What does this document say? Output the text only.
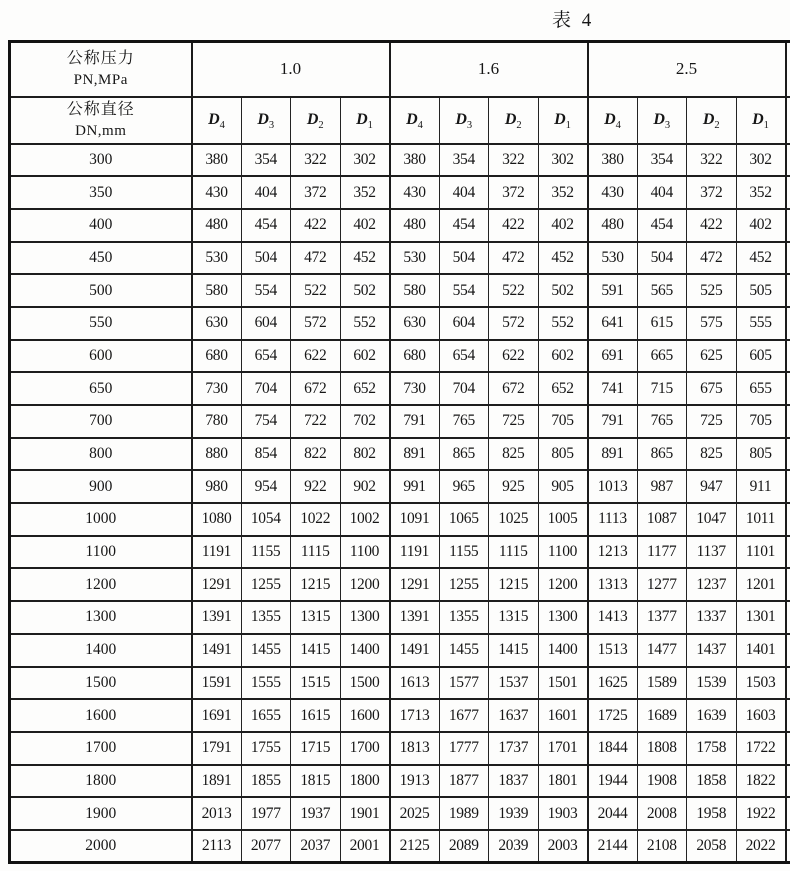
表 4
公称压力
PN,MPa	1.0				1.6				2.5				

公称直径
DN,mm	$D_4$	$D_3$	$D_2$	$D_1$	$D_4$	$D_3$	$D_2$	$D_1$	$D_4$	$D_3$	$D_2$	$D_1$	
300	380	354	322	302	380	354	322	302	380	354	322	302	
350	430	404	372	352	430	404	372	352	430	404	372	352	
400	480	454	422	402	480	454	422	402	480	454	422	402	
450	530	504	472	452	530	504	472	452	530	504	472	452	
500	580	554	522	502	580	554	522	502	591	565	525	505	
550	630	604	572	552	630	604	572	552	641	615	575	555	
600	680	654	622	602	680	654	622	602	691	665	625	605	
650	730	704	672	652	730	704	672	652	741	715	675	655	
700	780	754	722	702	791	765	725	705	791	765	725	705	
800	880	854	822	802	891	865	825	805	891	865	825	805	
900	980	954	922	902	991	965	925	905	1013	987	947	911	
1000	1080	1054	1022	1002	1091	1065	1025	1005	1113	1087	1047	1011	
1100	1191	1155	1115	1100	1191	1155	1115	1100	1213	1177	1137	1101	
1200	1291	1255	1215	1200	1291	1255	1215	1200	1313	1277	1237	1201	
1300	1391	1355	1315	1300	1391	1355	1315	1300	1413	1377	1337	1301	
1400	1491	1455	1415	1400	1491	1455	1415	1400	1513	1477	1437	1401	
1500	1591	1555	1515	1500	1613	1577	1537	1501	1625	1589	1539	1503	
1600	1691	1655	1615	1600	1713	1677	1637	1601	1725	1689	1639	1603	
1700	1791	1755	1715	1700	1813	1777	1737	1701	1844	1808	1758	1722	
1800	1891	1855	1815	1800	1913	1877	1837	1801	1944	1908	1858	1822	
1900	2013	1977	1937	1901	2025	1989	1939	1903	2044	2008	1958	1922	
2000	2113	2077	2037	2001	2125	2089	2039	2003	2144	2108	2058	2022	
